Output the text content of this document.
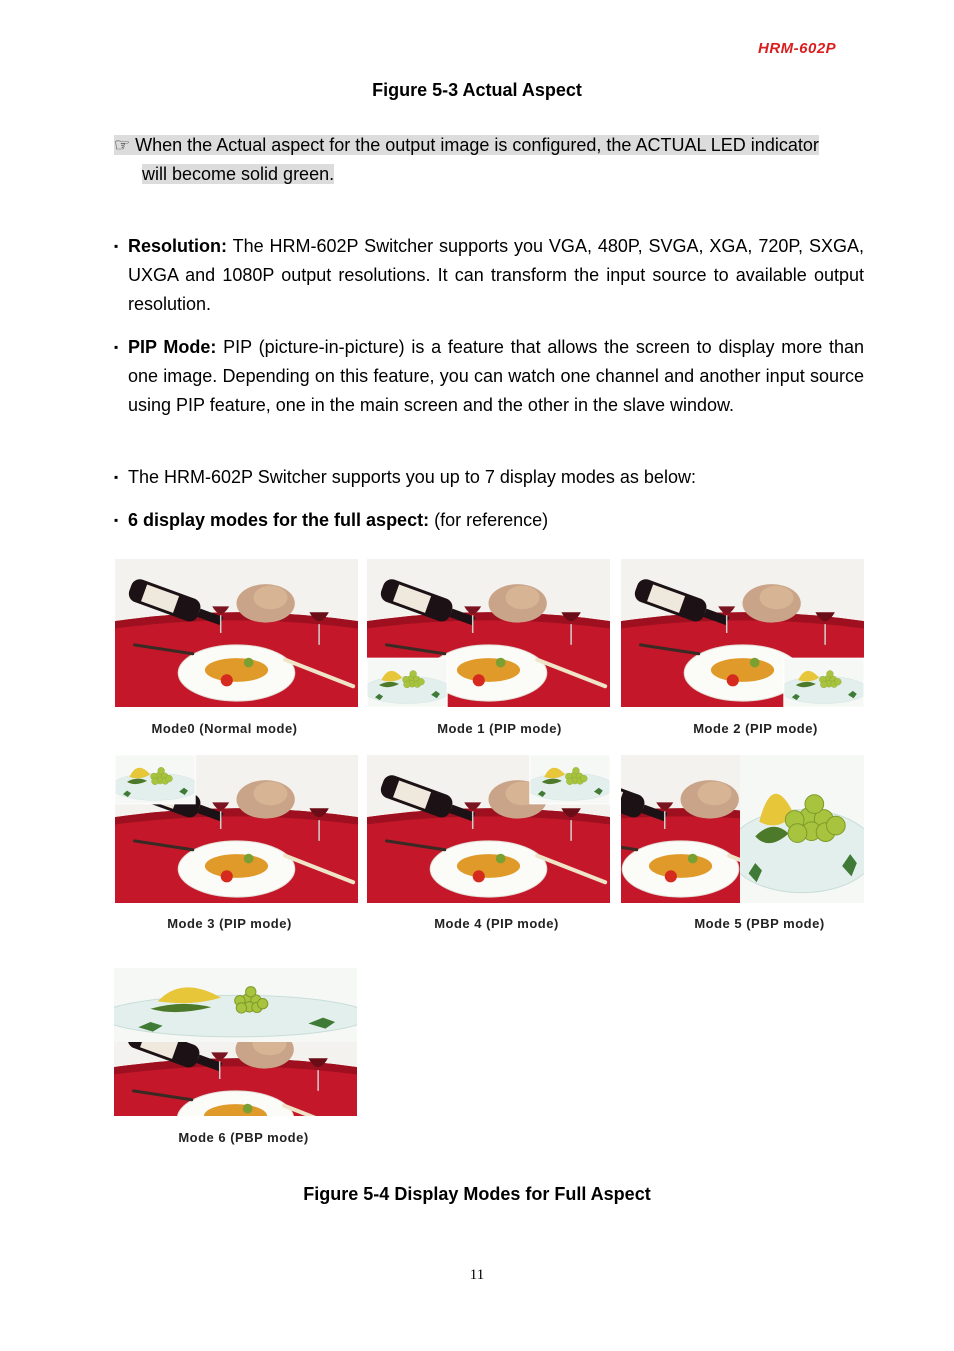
HRM-602P
Figure 5-3 Actual Aspect
☞ When the Actual aspect for the output image is configured, the ACTUAL LED indicator
will become solid green.
▪ Resolution: The HRM-602P Switcher supports you VGA, 480P, SVGA, XGA, 720P, SXGA, UXGA and 1080P output resolutions. It can transform the input source to available output resolution.
▪ PIP Mode: PIP (picture-in-picture) is a feature that allows the screen to display more than one image. Depending on this feature, you can watch one channel and another input source using PIP feature, one in the main screen and the other in the slave window.
▪ The HRM-602P Switcher supports you up to 7 display modes as below:
▪ 6 display modes for the full aspect: (for reference)
Mode0 (Normal mode)	Mode 1 (PIP mode)	Mode 2 (PIP mode)
Mode 3 (PIP mode)	Mode 4 (PIP mode)	Mode 5 (PBP mode)
Mode 6 (PBP mode)
Figure 5-4 Display Modes for Full Aspect
11
